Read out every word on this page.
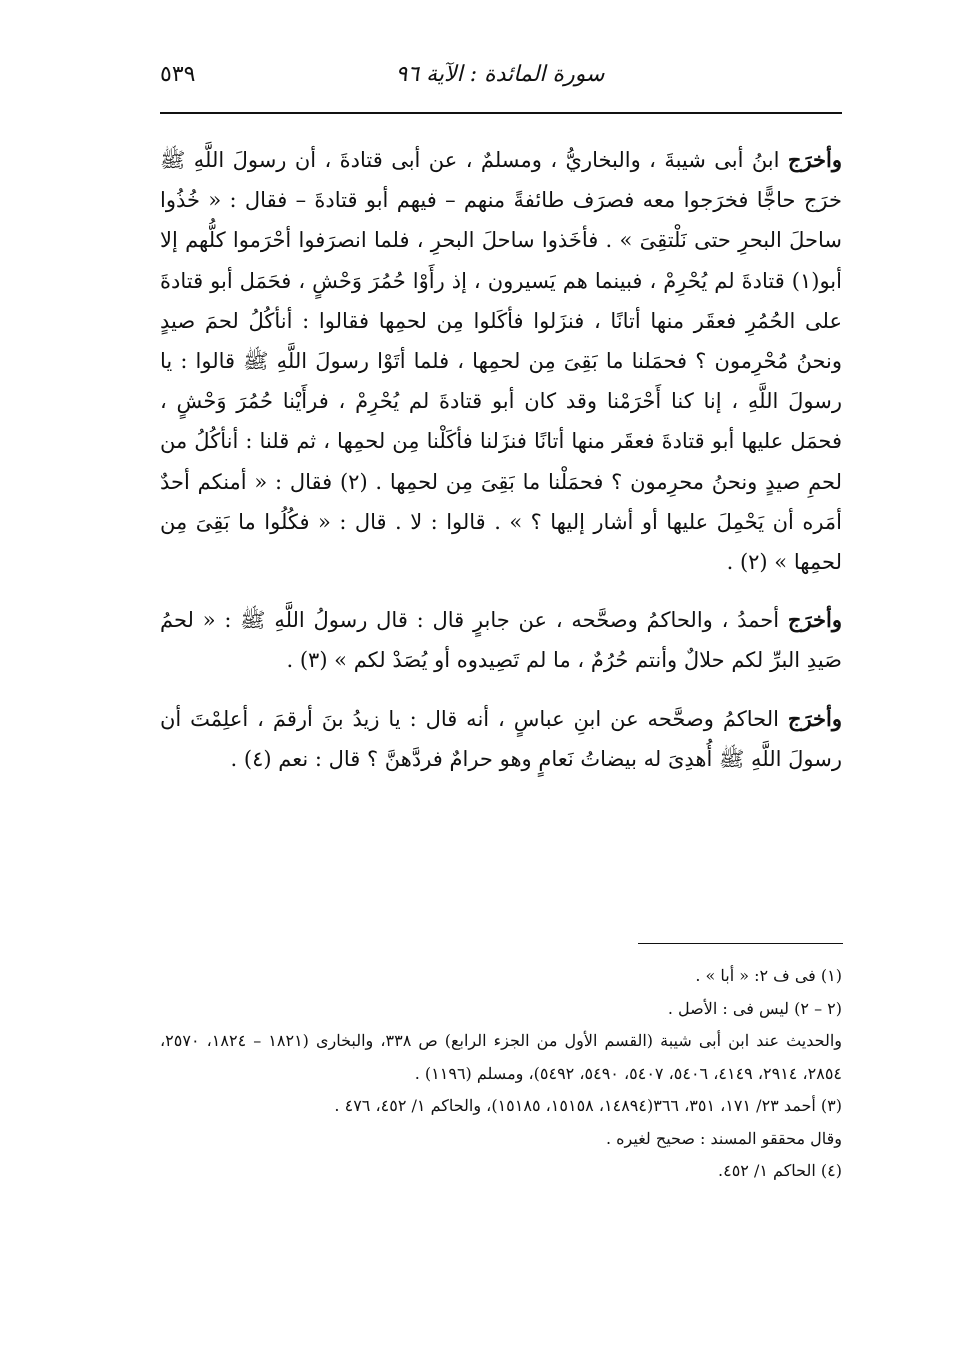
سورة المائدة : الآية ٩٦
٥٣٩

وأخرَج ابنُ أبى شيبةَ ، والبخاريُّ ، ومسلمٌ ، عن أبى قتادةَ ، أن رسولَ اللَّهِ ﷺ خرَج حاجًّا فخرَجوا معه فصرَف طائفةً منهم – فيهم أبو قتادةَ – فقال : « خُذُوا ساحلَ البحرِ حتى نَلْتقِىَ » . فأخَذوا ساحلَ البحرِ ، فلما انصرَفوا أحْرَموا كلُّهم إلا أبو(١) قتادةَ لم يُحْرِمْ ، فبينما هم يَسيرون ، إذ رأَوْا حُمُرَ وَحْشٍ ، فحَمَل أبو قتادةَ على الحُمُرِ فعقَر منها أتانًا ، فنزَلوا فأكَلوا مِن لحمِها فقالوا : أنأكُلُ لحمَ صيدٍ ونحنُ مُحْرِمون ؟ فحمَلنا ما بَقِىَ مِن لحمِها ، فلما أتَوْا رسولَ اللَّهِ ﷺ قالوا : يا رسولَ اللَّهِ ، إنا كنا أَحْرَمْنا وقد كان أبو قتادةَ لم يُحْرِمْ ، فرأَيْنا حُمُرَ وَحْشٍ ، فحمَل عليها أبو قتادةَ فعقَر منها أتانًا فنزَلنا فأكَلْنا مِن لحمِها ، ثم قلنا : أنأكُلُ من لحمِ صيدٍ ونحنُ محرِمون ؟ فحمَلْنا ما بَقِىَ مِن لحمِها . (٢) فقال : « أمنكم أحدٌ أمَره أن يَحْمِلَ عليها أو أشار إليها ؟ » . قالوا : لا . قال : « فكُلُوا ما بَقِىَ مِن لحمِها » (٢) .

وأخرَج أحمدُ ، والحاكمُ وصحَّحه ، عن جابرٍ قال : قال رسولُ اللَّهِ ﷺ : « لحمُ صَيدِ البرِّ لكم حلالٌ وأنتم حُرُمٌ ، ما لم تَصِيدوه أو يُصَدْ لكم » (٣) .

وأخرَج الحاكمُ وصحَّحه عن ابنِ عباسٍ ، أنه قال : يا زيدُ بنَ أرقمَ ، أعلِمْتَ أن رسولَ اللَّهِ ﷺ أُهدِىَ له بيضاتُ نَعامٍ وهو حرامٌ فردَّهنَّ ؟ قال : نعم (٤) .

(١) فى ف ٢: « أبا » .

(٢ – ٢) ليس فى : الأصل .

والحديث عند ابن أبى شيبة (القسم الأول من الجزء الرابع) ص ٣٣٨، والبخارى (١٨٢١ – ١٨٢٤، ٢٥٧٠، ٢٨٥٤، ٢٩١٤، ٤١٤٩، ٥٤٠٦، ٥٤٠٧، ٥٤٩٠، ٥٤٩٢)، ومسلم (١١٩٦) .

(٣) أحمد ٢٣/ ١٧١، ٣٥١، ٣٦٦(١٤٨٩٤، ١٥١٥٨، ١٥١٨٥)، والحاكم ١/ ٤٥٢، ٤٧٦ .

وقال محققو المسند : صحيح لغيره .

(٤) الحاكم ١/ ٤٥٢.
